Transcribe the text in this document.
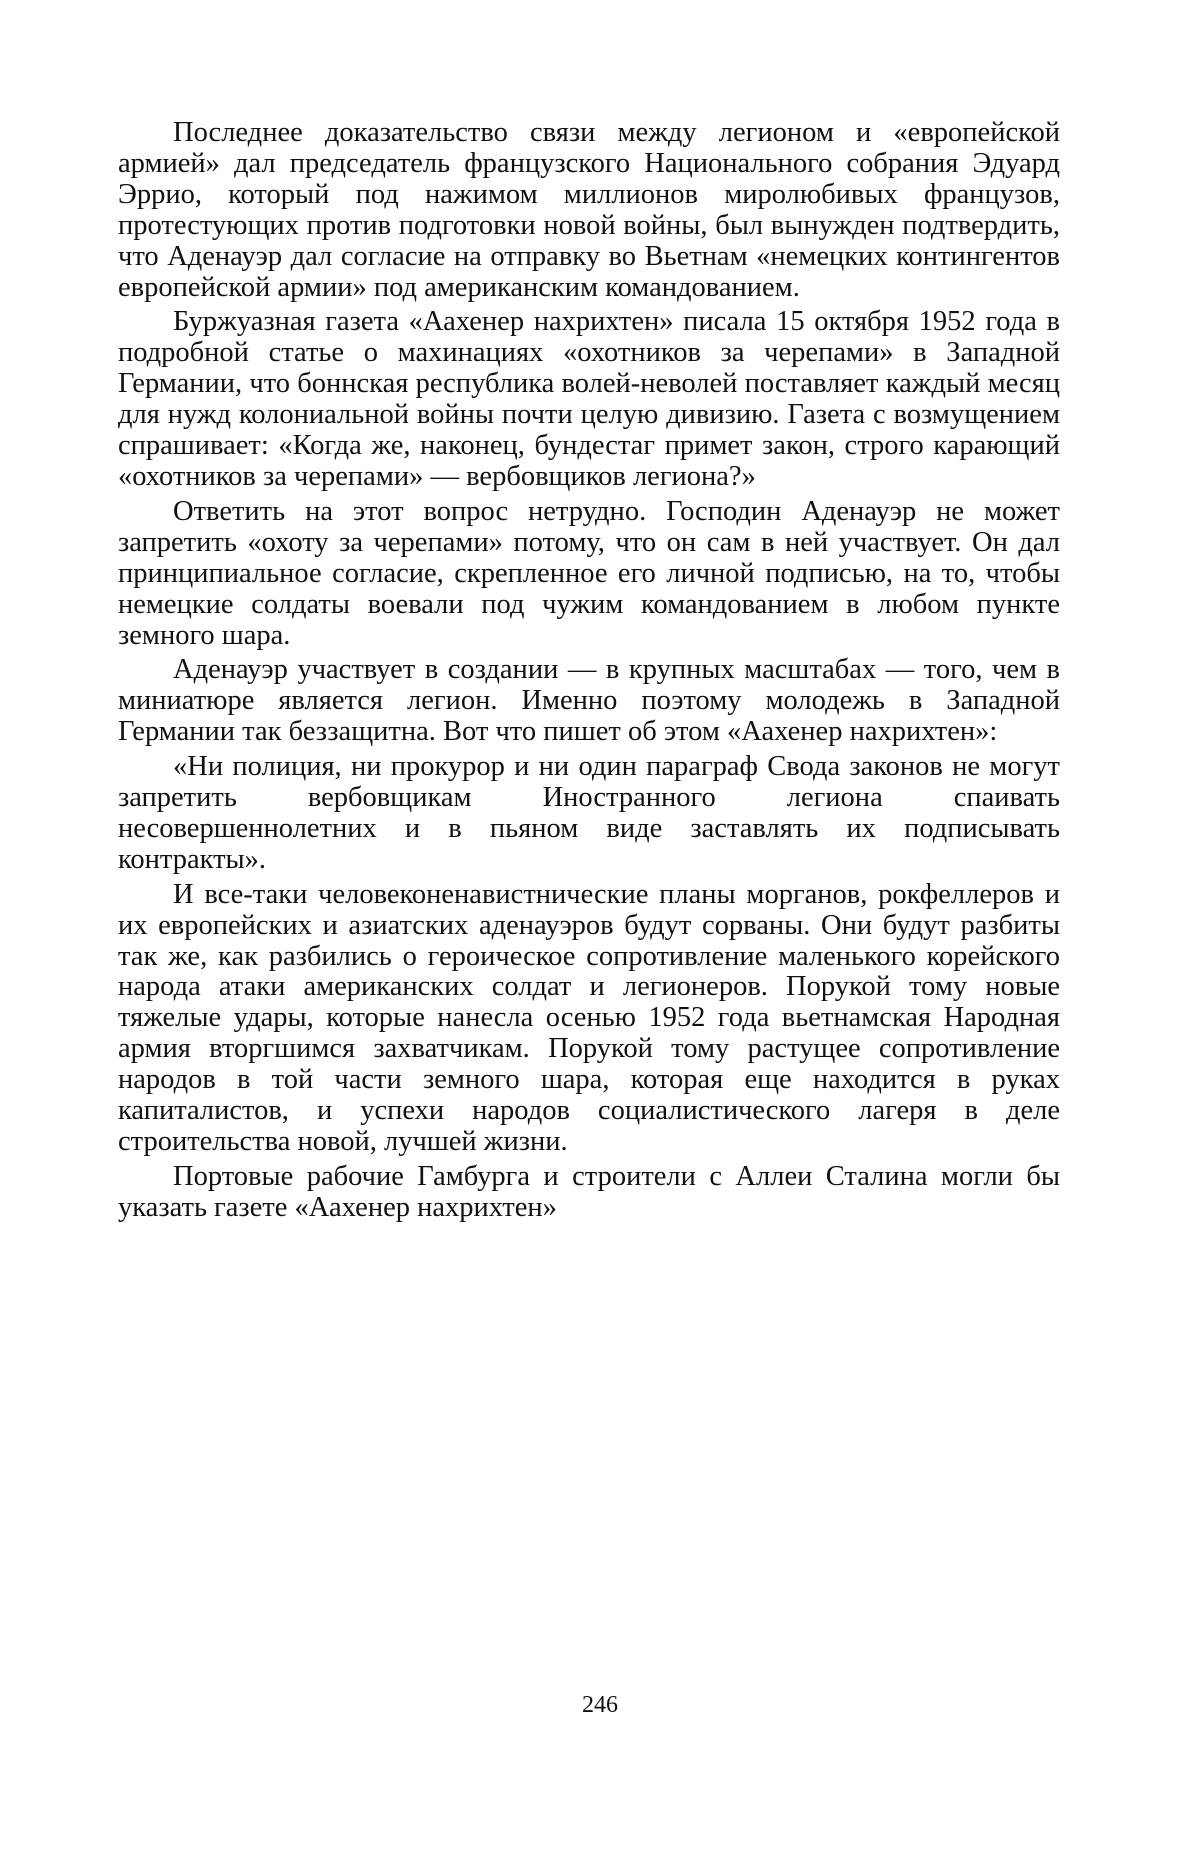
Последнее доказательство связи между легионом и «европейской армией» дал председатель французского Национального собрания Эдуард Эррио, который под нажимом миллионов миролюбивых французов, протестующих против подготовки новой войны, был вынужден подтвердить, что Аденауэр дал согласие на отправку во Вьетнам «немецких контингентов европейской армии» под американским командованием.

Буржуазная газета «Аахенер нахрихтен» писала 15 октября 1952 года в подробной статье о махинациях «охотников за черепами» в Западной Германии, что боннская республика волей-неволей поставляет каждый месяц для нужд колониальной войны почти целую дивизию. Газета с возмущением спрашивает: «Когда же, наконец, бундестаг примет закон, строго карающий «охотников за черепами» — вербовщиков легиона?»

Ответить на этот вопрос нетрудно. Господин Аденауэр не может запретить «охоту за черепами» потому, что он сам в ней участвует. Он дал принципиальное согласие, скрепленное его личной подписью, на то, чтобы немецкие солдаты воевали под чужим командованием в любом пункте земного шара.

Аденауэр участвует в создании — в крупных масштабах — того, чем в миниатюре является легион. Именно поэтому молодежь в Западной Германии так беззащитна. Вот что пишет об этом «Аахенер нахрихтен»:

«Ни полиция, ни прокурор и ни один параграф Свода законов не могут запретить вербовщикам Иностранного легиона спаивать несовершеннолетних и в пьяном виде заставлять их подписывать контракты».

И все-таки человеконенавистнические планы морганов, рокфеллеров и их европейских и азиатских аденауэров будут сорваны. Они будут разбиты так же, как разбились о героическое сопротивление маленького корейского народа атаки американских солдат и легионеров. Порукой тому новые тяжелые удары, которые нанесла осенью 1952 года вьетнамская Народная армия вторгшимся захватчикам. Порукой тому растущее сопротивление народов в той части земного шара, которая еще находится в руках капиталистов, и успехи народов социалистического лагеря в деле строительства новой, лучшей жизни.

Портовые рабочие Гамбурга и строители с Аллеи Сталина могли бы указать газете «Аахенер нахрихтен»

246
